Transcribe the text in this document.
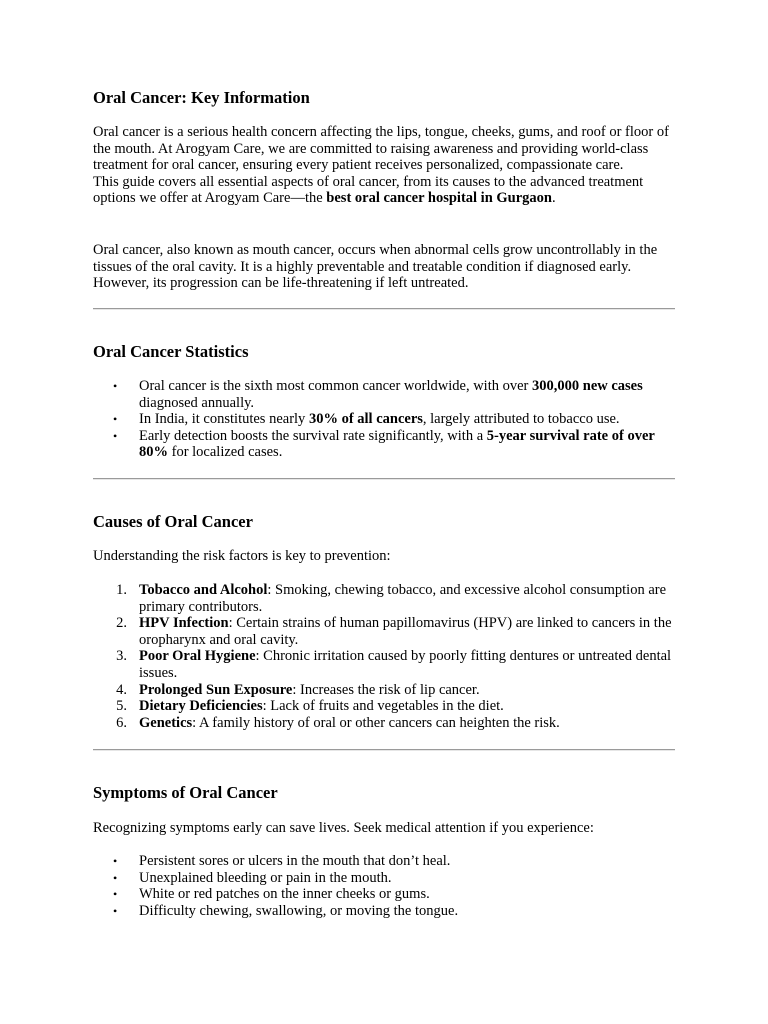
Oral Cancer: Key Information

Oral cancer is a serious health concern affecting the lips, tongue, cheeks, gums, and roof or floor of the mouth. At Arogyam Care, we are committed to raising awareness and providing world-class treatment for oral cancer, ensuring every patient receives personalized, compassionate care.

This guide covers all essential aspects of oral cancer, from its causes to the advanced treatment options we offer at Arogyam Care—the best oral cancer hospital in Gurgaon.

Oral cancer, also known as mouth cancer, occurs when abnormal cells grow uncontrollably in the tissues of the oral cavity. It is a highly preventable and treatable condition if diagnosed early. However, its progression can be life-threatening if left untreated.

Oral Cancer Statistics
• Oral cancer is the sixth most common cancer worldwide, with over 300,000 new cases diagnosed annually.
• In India, it constitutes nearly 30% of all cancers, largely attributed to tobacco use.
• Early detection boosts the survival rate significantly, with a 5-year survival rate of over 80% for localized cases.
Causes of Oral Cancer

Understanding the risk factors is key to prevention:

1. Tobacco and Alcohol: Smoking, chewing tobacco, and excessive alcohol consumption are primary contributors.
2. HPV Infection: Certain strains of human papillomavirus (HPV) are linked to cancers in the oropharynx and oral cavity.
3. Poor Oral Hygiene: Chronic irritation caused by poorly fitting dentures or untreated dental issues.
4. Prolonged Sun Exposure: Increases the risk of lip cancer.
5. Dietary Deficiencies: Lack of fruits and vegetables in the diet.
6. Genetics: A family history of oral or other cancers can heighten the risk.
Symptoms of Oral Cancer

Recognizing symptoms early can save lives. Seek medical attention if you experience:

• Persistent sores or ulcers in the mouth that don’t heal.
• Unexplained bleeding or pain in the mouth.
• White or red patches on the inner cheeks or gums.
• Difficulty chewing, swallowing, or moving the tongue.
